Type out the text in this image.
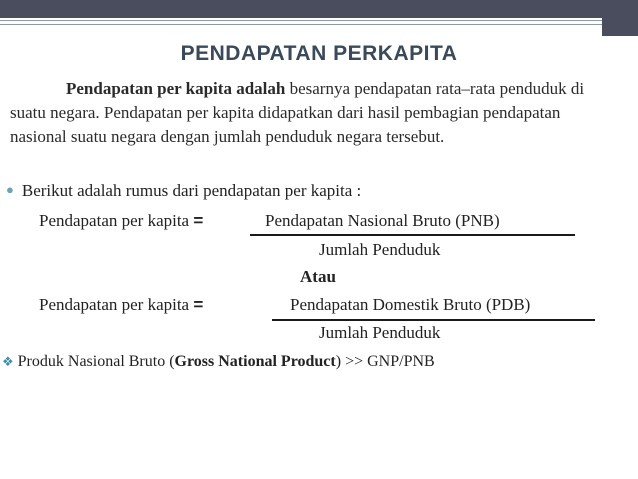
PENDAPATAN PERKAPITA
Pendapatan per kapita adalah besarnya pendapatan rata–rata penduduk di suatu negara. Pendapatan per kapita didapatkan dari hasil pembagian pendapatan nasional suatu negara dengan jumlah penduduk negara tersebut.
● Berikut adalah rumus dari pendapatan per kapita :
Pendapatan per kapita =	Pendapatan Nasional Bruto (PNB)
Jumlah Penduduk
Atau
Pendapatan per kapita =	Pendapatan Domestik Bruto (PDB)
Jumlah Penduduk
❖ Produk Nasional Bruto (Gross National Product) >> GNP/PNB
